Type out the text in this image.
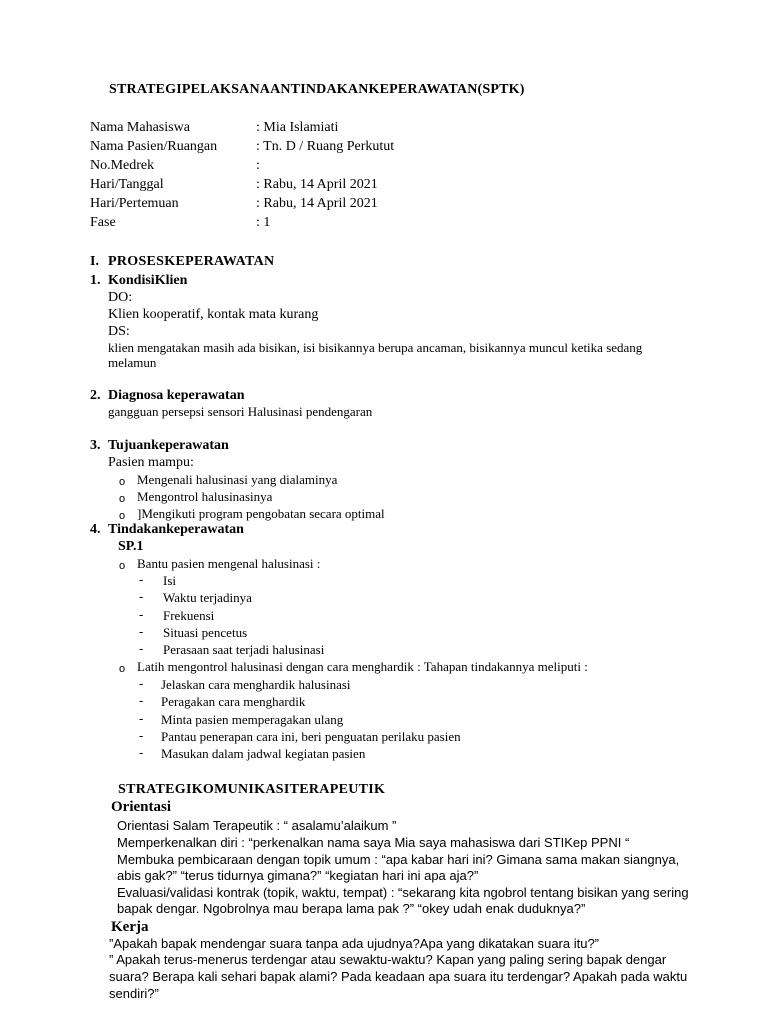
STRATEGIPELAKSANAANTINDAKANKEPERAWATAN(SPTK)
Nama Mahasiswa	: Mia Islamiati
Nama Pasien/Ruangan	: Tn. D / Ruang Perkutut
No.Medrek	:
Hari/Tanggal	: Rabu, 14 April 2021
Hari/Pertemuan	: Rabu, 14 April 2021
Fase	: 1
I. PROSESKEPERAWATAN
1. KondisiKlien
DO:
Klien kooperatif, kontak mata kurang
DS:
klien mengatakan masih ada bisikan, isi bisikannya berupa ancaman, bisikannya muncul ketika sedang
melamun
2. Diagnosa keperawatan
gangguan persepsi sensori Halusinasi pendengaran
3. Tujuankeperawatan
Pasien mampu:
o Mengenali halusinasi yang dialaminya
o Mengontrol halusinasinya
o ]Mengikuti program pengobatan secara optimal
4. Tindakankeperawatan
SP.1
o Bantu pasien mengenal halusinasi :
- Isi
- Waktu terjadinya
- Frekuensi
- Situasi pencetus
- Perasaan saat terjadi halusinasi
o Latih mengontrol halusinasi dengan cara menghardik : Tahapan tindakannya meliputi :
- Jelaskan cara menghardik halusinasi
- Peragakan cara menghardik
- Minta pasien memperagakan ulang
- Pantau penerapan cara ini, beri penguatan perilaku pasien
- Masukan dalam jadwal kegiatan pasien
STRATEGIKOMUNIKASITERAPEUTIK
Orientasi
Orientasi Salam Terapeutik : “ asalamu’alaikum ”
Memperkenalkan diri : “perkenalkan nama saya Mia saya mahasiswa dari STIKep PPNI “
Membuka pembicaraan dengan topik umum : “apa kabar hari ini? Gimana sama makan siangnya,
abis gak?” “terus tidurnya gimana?” “kegiatan hari ini apa aja?”
Evaluasi/validasi kontrak (topik, waktu, tempat) : “sekarang kita ngobrol tentang bisikan yang sering
bapak dengar. Ngobrolnya mau berapa lama pak ?” “okey udah enak duduknya?”
Kerja
”Apakah bapak mendengar suara tanpa ada ujudnya?Apa yang dikatakan suara itu?”
” Apakah terus-menerus terdengar atau sewaktu-waktu? Kapan yang paling sering bapak dengar
suara? Berapa kali sehari bapak alami? Pada keadaan apa suara itu terdengar? Apakah pada waktu
sendiri?”
